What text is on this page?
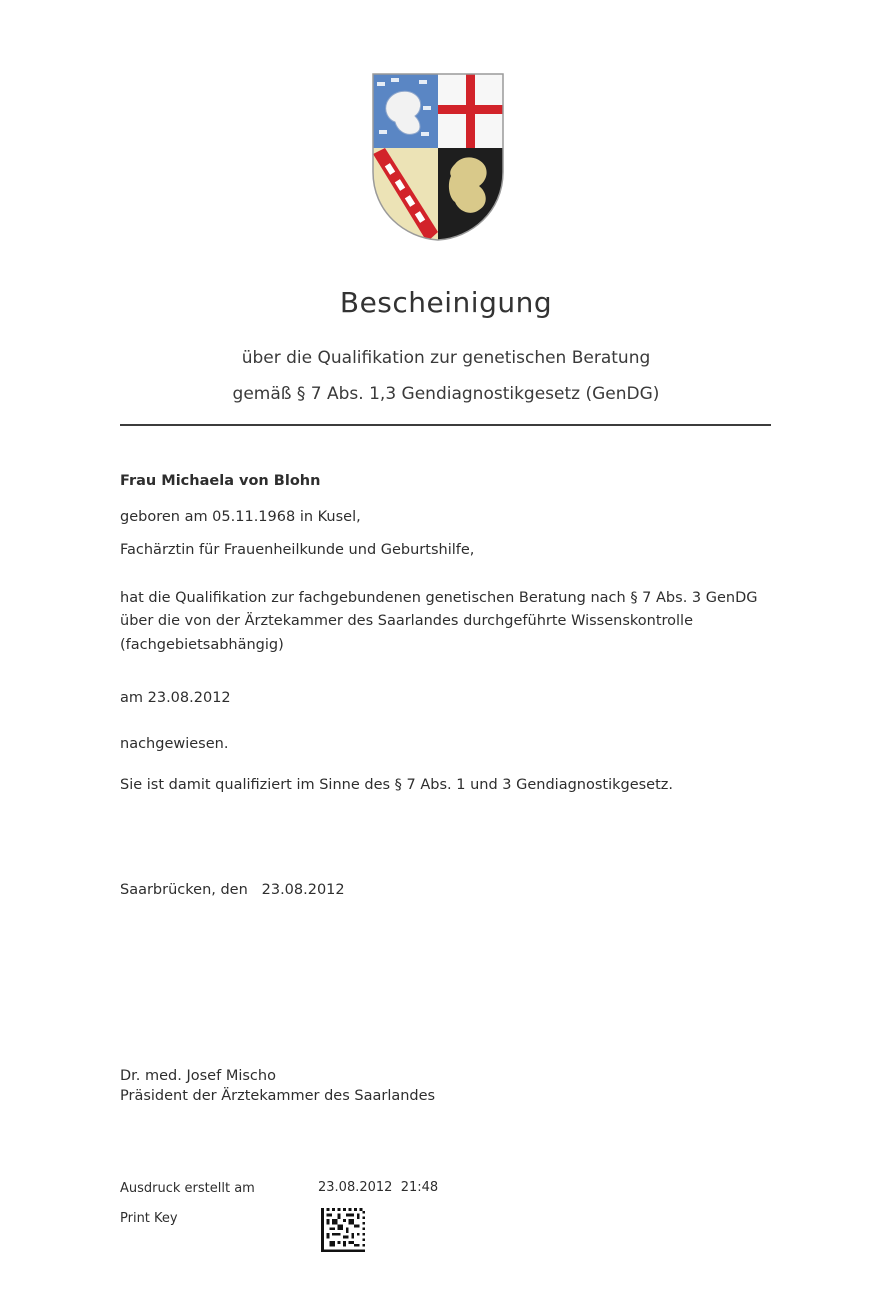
Bescheinigung
über die Qualifikation zur genetischen Beratung
gemäß § 7 Abs. 1,3 Gendiagnostikgesetz (GenDG)
Frau Michaela von Blohn
geboren am 05.11.1968 in Kusel,
Fachärztin für Frauenheilkunde und Geburtshilfe,
hat die Qualifikation zur fachgebundenen genetischen Beratung nach § 7 Abs. 3 GenDG
über die von der Ärztekammer des Saarlandes durchgeführte Wissenskontrolle
(fachgebietsabhängig)
am 23.08.2012
nachgewiesen.
Sie ist damit qualifiziert im Sinne des § 7 Abs. 1 und 3 Gendiagnostikgesetz.
Saarbrücken, den   23.08.2012
Dr. med. Josef Mischo
Präsident der Ärztekammer des Saarlandes
Ausdruck erstellt am	23.08.2012  21:48
Print Key
